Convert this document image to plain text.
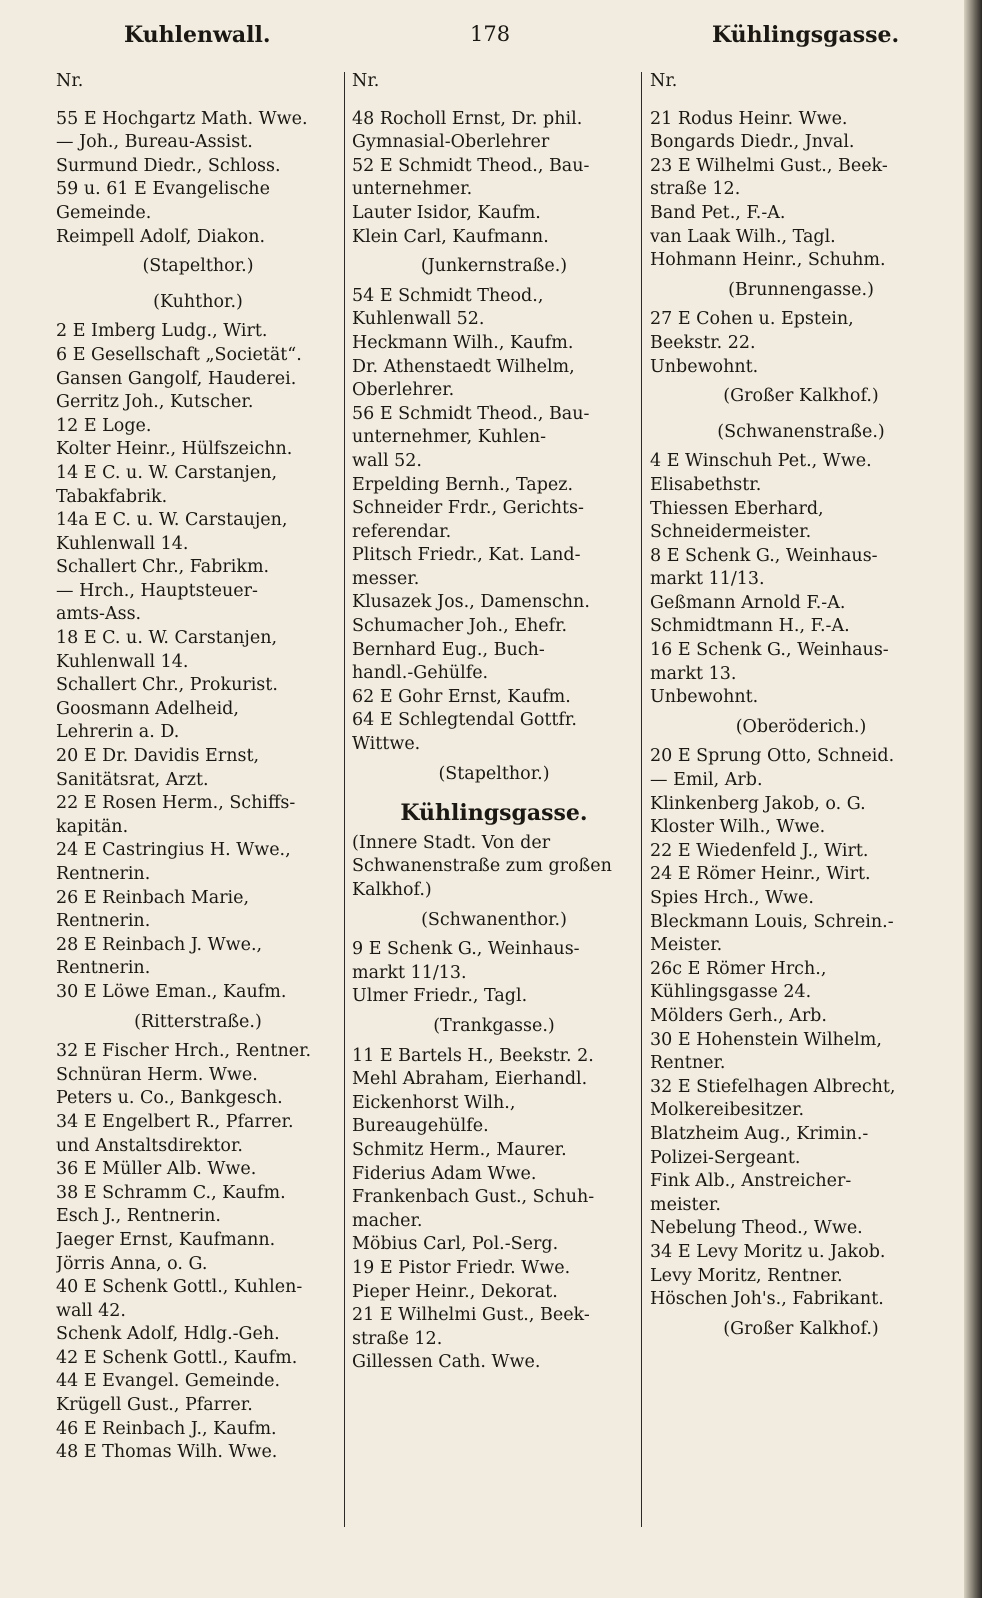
Kuhlenwall.	178	Kühlingsgasse.
Nr.
55 E Hochgartz Math. Wwe.
— Joh., Bureau-Assist.
Surmund Diedr., Schloss.
59 u. 61 E Evangelische
Gemeinde.
Reimpell Adolf, Diakon.
(Stapelthor.)
(Kuhthor.)
2 E Imberg Ludg., Wirt.
6 E Gesellschaft „Societät“.
Gansen Gangolf, Hauderei.
Gerritz Joh., Kutscher.
12 E Loge.
Kolter Heinr., Hülfszeichn.
14 E C. u. W. Carstanjen,
Tabakfabrik.
14a E C. u. W. Carstaujen,
Kuhlenwall 14.
Schallert Chr., Fabrikm.
— Hrch., Hauptsteuer-
amts-Ass.
18 E C. u. W. Carstanjen,
Kuhlenwall 14.
Schallert Chr., Prokurist.
Goosmann Adelheid,
Lehrerin a. D.
20 E Dr. Davidis Ernst,
Sanitätsrat, Arzt.
22 E Rosen Herm., Schiffs-
kapitän.
24 E Castringius H. Wwe.,
Rentnerin.
26 E Reinbach Marie,
Rentnerin.
28 E Reinbach J. Wwe.,
Rentnerin.
30 E Löwe Eman., Kaufm.
(Ritterstraße.)
32 E Fischer Hrch., Rentner.
Schnüran Herm. Wwe.
Peters u. Co., Bankgesch.
34 E Engelbert R., Pfarrer.
und Anstaltsdirektor.
36 E Müller Alb. Wwe.
38 E Schramm C., Kaufm.
Esch J., Rentnerin.
Jaeger Ernst, Kaufmann.
Jörris Anna, o. G.
40 E Schenk Gottl., Kuhlen-
wall 42.
Schenk Adolf, Hdlg.-Geh.
42 E Schenk Gottl., Kaufm.
44 E Evangel. Gemeinde.
Krügell Gust., Pfarrer.
46 E Reinbach J., Kaufm.
48 E Thomas Wilh. Wwe.
Nr.
48 Rocholl Ernst, Dr. phil.
Gymnasial-Oberlehrer
52 E Schmidt Theod., Bau-
unternehmer.
Lauter Isidor, Kaufm.
Klein Carl, Kaufmann.
(Junkernstraße.)
54 E Schmidt Theod.,
Kuhlenwall 52.
Heckmann Wilh., Kaufm.
Dr. Athenstaedt Wilhelm,
Oberlehrer.
56 E Schmidt Theod., Bau-
unternehmer, Kuhlen-
wall 52.
Erpelding Bernh., Tapez.
Schneider Frdr., Gerichts-
referendar.
Plitsch Friedr., Kat. Land-
messer.
Klusazek Jos., Damenschn.
Schumacher Joh., Ehefr.
Bernhard Eug., Buch-
handl.-Gehülfe.
62 E Gohr Ernst, Kaufm.
64 E Schlegtendal Gottfr.
Wittwe.
(Stapelthor.)
Kühlingsgasse.
(Innere Stadt. Von der
Schwanenstraße zum großen
Kalkhof.)
(Schwanenthor.)
9 E Schenk G., Weinhaus-
markt 11/13.
Ulmer Friedr., Tagl.
(Trankgasse.)
11 E Bartels H., Beekstr. 2.
Mehl Abraham, Eierhandl.
Eickenhorst Wilh.,
Bureaugehülfe.
Schmitz Herm., Maurer.
Fiderius Adam Wwe.
Frankenbach Gust., Schuh-
macher.
Möbius Carl, Pol.-Serg.
19 E Pistor Friedr. Wwe.
Pieper Heinr., Dekorat.
21 E Wilhelmi Gust., Beek-
straße 12.
Gillessen Cath. Wwe.
Nr.
21 Rodus Heinr. Wwe.
Bongards Diedr., Jnval.
23 E Wilhelmi Gust., Beek-
straße 12.
Band Pet., F.-A.
van Laak Wilh., Tagl.
Hohmann Heinr., Schuhm.
(Brunnengasse.)
27 E Cohen u. Epstein,
Beekstr. 22.
Unbewohnt.
(Großer Kalkhof.)
(Schwanenstraße.)
4 E Winschuh Pet., Wwe.
Elisabethstr.
Thiessen Eberhard,
Schneidermeister.
8 E Schenk G., Weinhaus-
markt 11/13.
Geßmann Arnold F.-A.
Schmidtmann H., F.-A.
16 E Schenk G., Weinhaus-
markt 13.
Unbewohnt.
(Oberöderich.)
20 E Sprung Otto, Schneid.
— Emil, Arb.
Klinkenberg Jakob, o. G.
Kloster Wilh., Wwe.
22 E Wiedenfeld J., Wirt.
24 E Römer Heinr., Wirt.
Spies Hrch., Wwe.
Bleckmann Louis, Schrein.-
Meister.
26c E Römer Hrch.,
Kühlingsgasse 24.
Mölders Gerh., Arb.
30 E Hohenstein Wilhelm,
Rentner.
32 E Stiefelhagen Albrecht,
Molkereibesitzer.
Blatzheim Aug., Krimin.-
Polizei-Sergeant.
Fink Alb., Anstreicher-
meister.
Nebelung Theod., Wwe.
34 E Levy Moritz u. Jakob.
Levy Moritz, Rentner.
Höschen Joh's., Fabrikant.
(Großer Kalkhof.)
